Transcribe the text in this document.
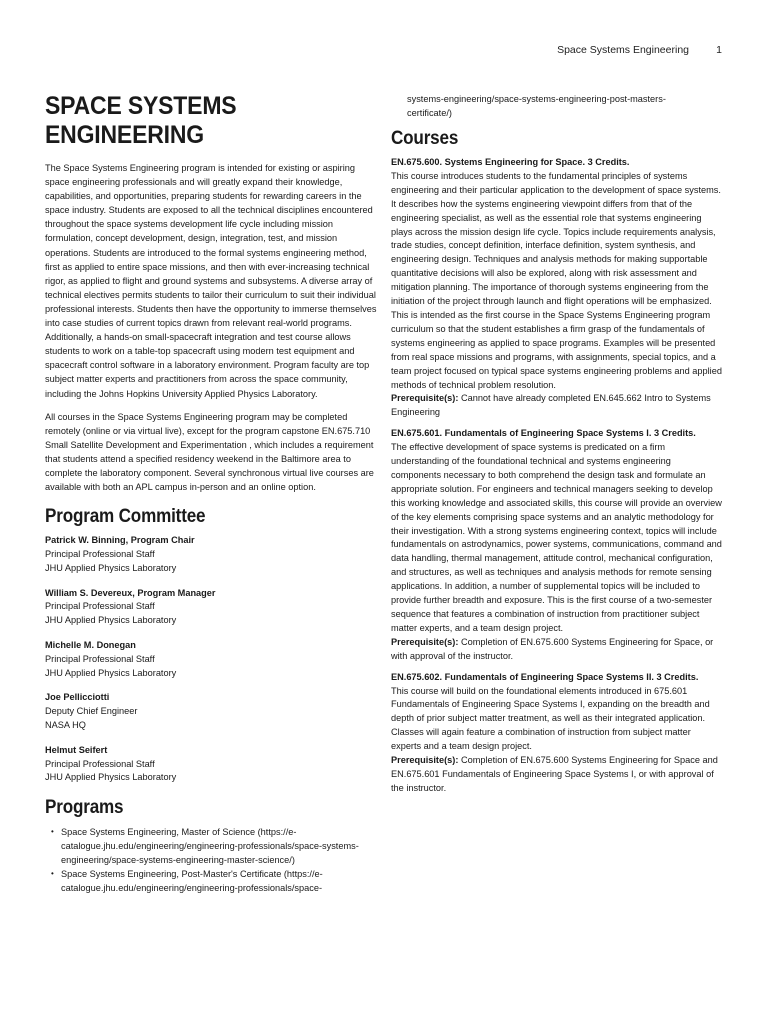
Space Systems Engineering	1
SPACE SYSTEMS
ENGINEERING

The Space Systems Engineering program is intended for existing or aspiring space engineering professionals and will greatly expand their knowledge, capabilities, and opportunities, preparing students for rewarding careers in the space industry. Students are exposed to all the technical disciplines encountered throughout the space systems development life cycle including mission formulation, concept development, design, integration, test, and mission operations. Students are introduced to the formal systems engineering method, first as applied to entire space missions, and then with ever-increasing technical rigor, as applied to flight and ground systems and subsystems. A diverse array of technical electives permits students to tailor their curriculum to suit their individual professional interests. Students then have the opportunity to immerse themselves into case studies of current topics drawn from relevant real-world programs. Additionally, a hands-on small-spacecraft integration and test course allows students to work on a table-top spacecraft using modern test equipment and spacecraft control software in a laboratory environment. Program faculty are top subject matter experts and practitioners from across the space community, including the Johns Hopkins University Applied Physics Laboratory.

All courses in the Space Systems Engineering program may be completed remotely (online or via virtual live), except for the program capstone EN.675.710 Small Satellite Development and Experimentation , which includes a requirement that students attend a specified residency weekend in the Baltimore area to complete the laboratory component. Several synchronous virtual live courses are available with both an APL campus in-person and an online option.

Program Committee
Patrick W. Binning, Program Chair
Principal Professional Staff
JHU Applied Physics Laboratory
William S. Devereux, Program Manager
Principal Professional Staff
JHU Applied Physics Laboratory
Michelle M. Donegan
Principal Professional Staff
JHU Applied Physics Laboratory
Joe Pellicciotti
Deputy Chief Engineer
NASA HQ
Helmut Seifert
Principal Professional Staff
JHU Applied Physics Laboratory
Programs
• Space Systems Engineering, Master of Science (https://e-catalogue.jhu.edu/engineering/engineering-professionals/space-systems-engineering/space-systems-engineering-master-science/)
• Space Systems Engineering, Post-Master's Certificate (https://e-catalogue.jhu.edu/engineering/engineering-professionals/space-
systems-engineering/space-systems-engineering-post-masters-
certificate/)
Courses
EN.675.600. Systems Engineering for Space. 3 Credits.
This course introduces students to the fundamental principles of systems engineering and their particular application to the development of space systems. It describes how the systems engineering viewpoint differs from that of the engineering specialist, as well as the essential role that systems engineering plays across the mission design life cycle. Topics include requirements analysis, trade studies, concept definition, interface definition, system synthesis, and engineering design. Techniques and analysis methods for making supportable quantitative decisions will also be explored, along with risk assessment and mitigation planning. The importance of thorough systems engineering from the initiation of the project through launch and flight operations will be emphasized. This is intended as the first course in the Space Systems Engineering program curriculum so that the student establishes a firm grasp of the fundamentals of systems engineering as applied to space programs. Examples will be presented from real space missions and programs, with assignments, special topics, and a team project focused on typical space systems engineering problems and applied methods of technical problem resolution.
Prerequisite(s): Cannot have already completed EN.645.662 Intro to Systems Engineering
EN.675.601. Fundamentals of Engineering Space Systems I. 3 Credits.
The effective development of space systems is predicated on a firm understanding of the foundational technical and systems engineering components necessary to both comprehend the design task and formulate an appropriate solution. For engineers and technical managers seeking to develop this working knowledge and associated skills, this course will provide an overview of the key elements comprising space systems and an analytic methodology for their investigation. With a strong systems engineering context, topics will include fundamentals on astrodynamics, power systems, communications, command and data handling, thermal management, attitude control, mechanical configuration, and structures, as well as techniques and analysis methods for remote sensing applications. In addition, a number of supplemental topics will be included to provide further breadth and exposure. This is the first course of a two-semester sequence that features a combination of instruction from practitioner subject matter experts, and a team design project.
Prerequisite(s): Completion of EN.675.600 Systems Engineering for Space, or with approval of the instructor.
EN.675.602. Fundamentals of Engineering Space Systems II. 3 Credits.
This course will build on the foundational elements introduced in 675.601 Fundamentals of Engineering Space Systems I, expanding on the breadth and depth of prior subject matter treatment, as well as their integrated application. Classes will again feature a combination of instruction from subject matter experts and a team design project.
Prerequisite(s): Completion of EN.675.600 Systems Engineering for Space and EN.675.601 Fundamentals of Engineering Space Systems I, or with approval of the instructor.
